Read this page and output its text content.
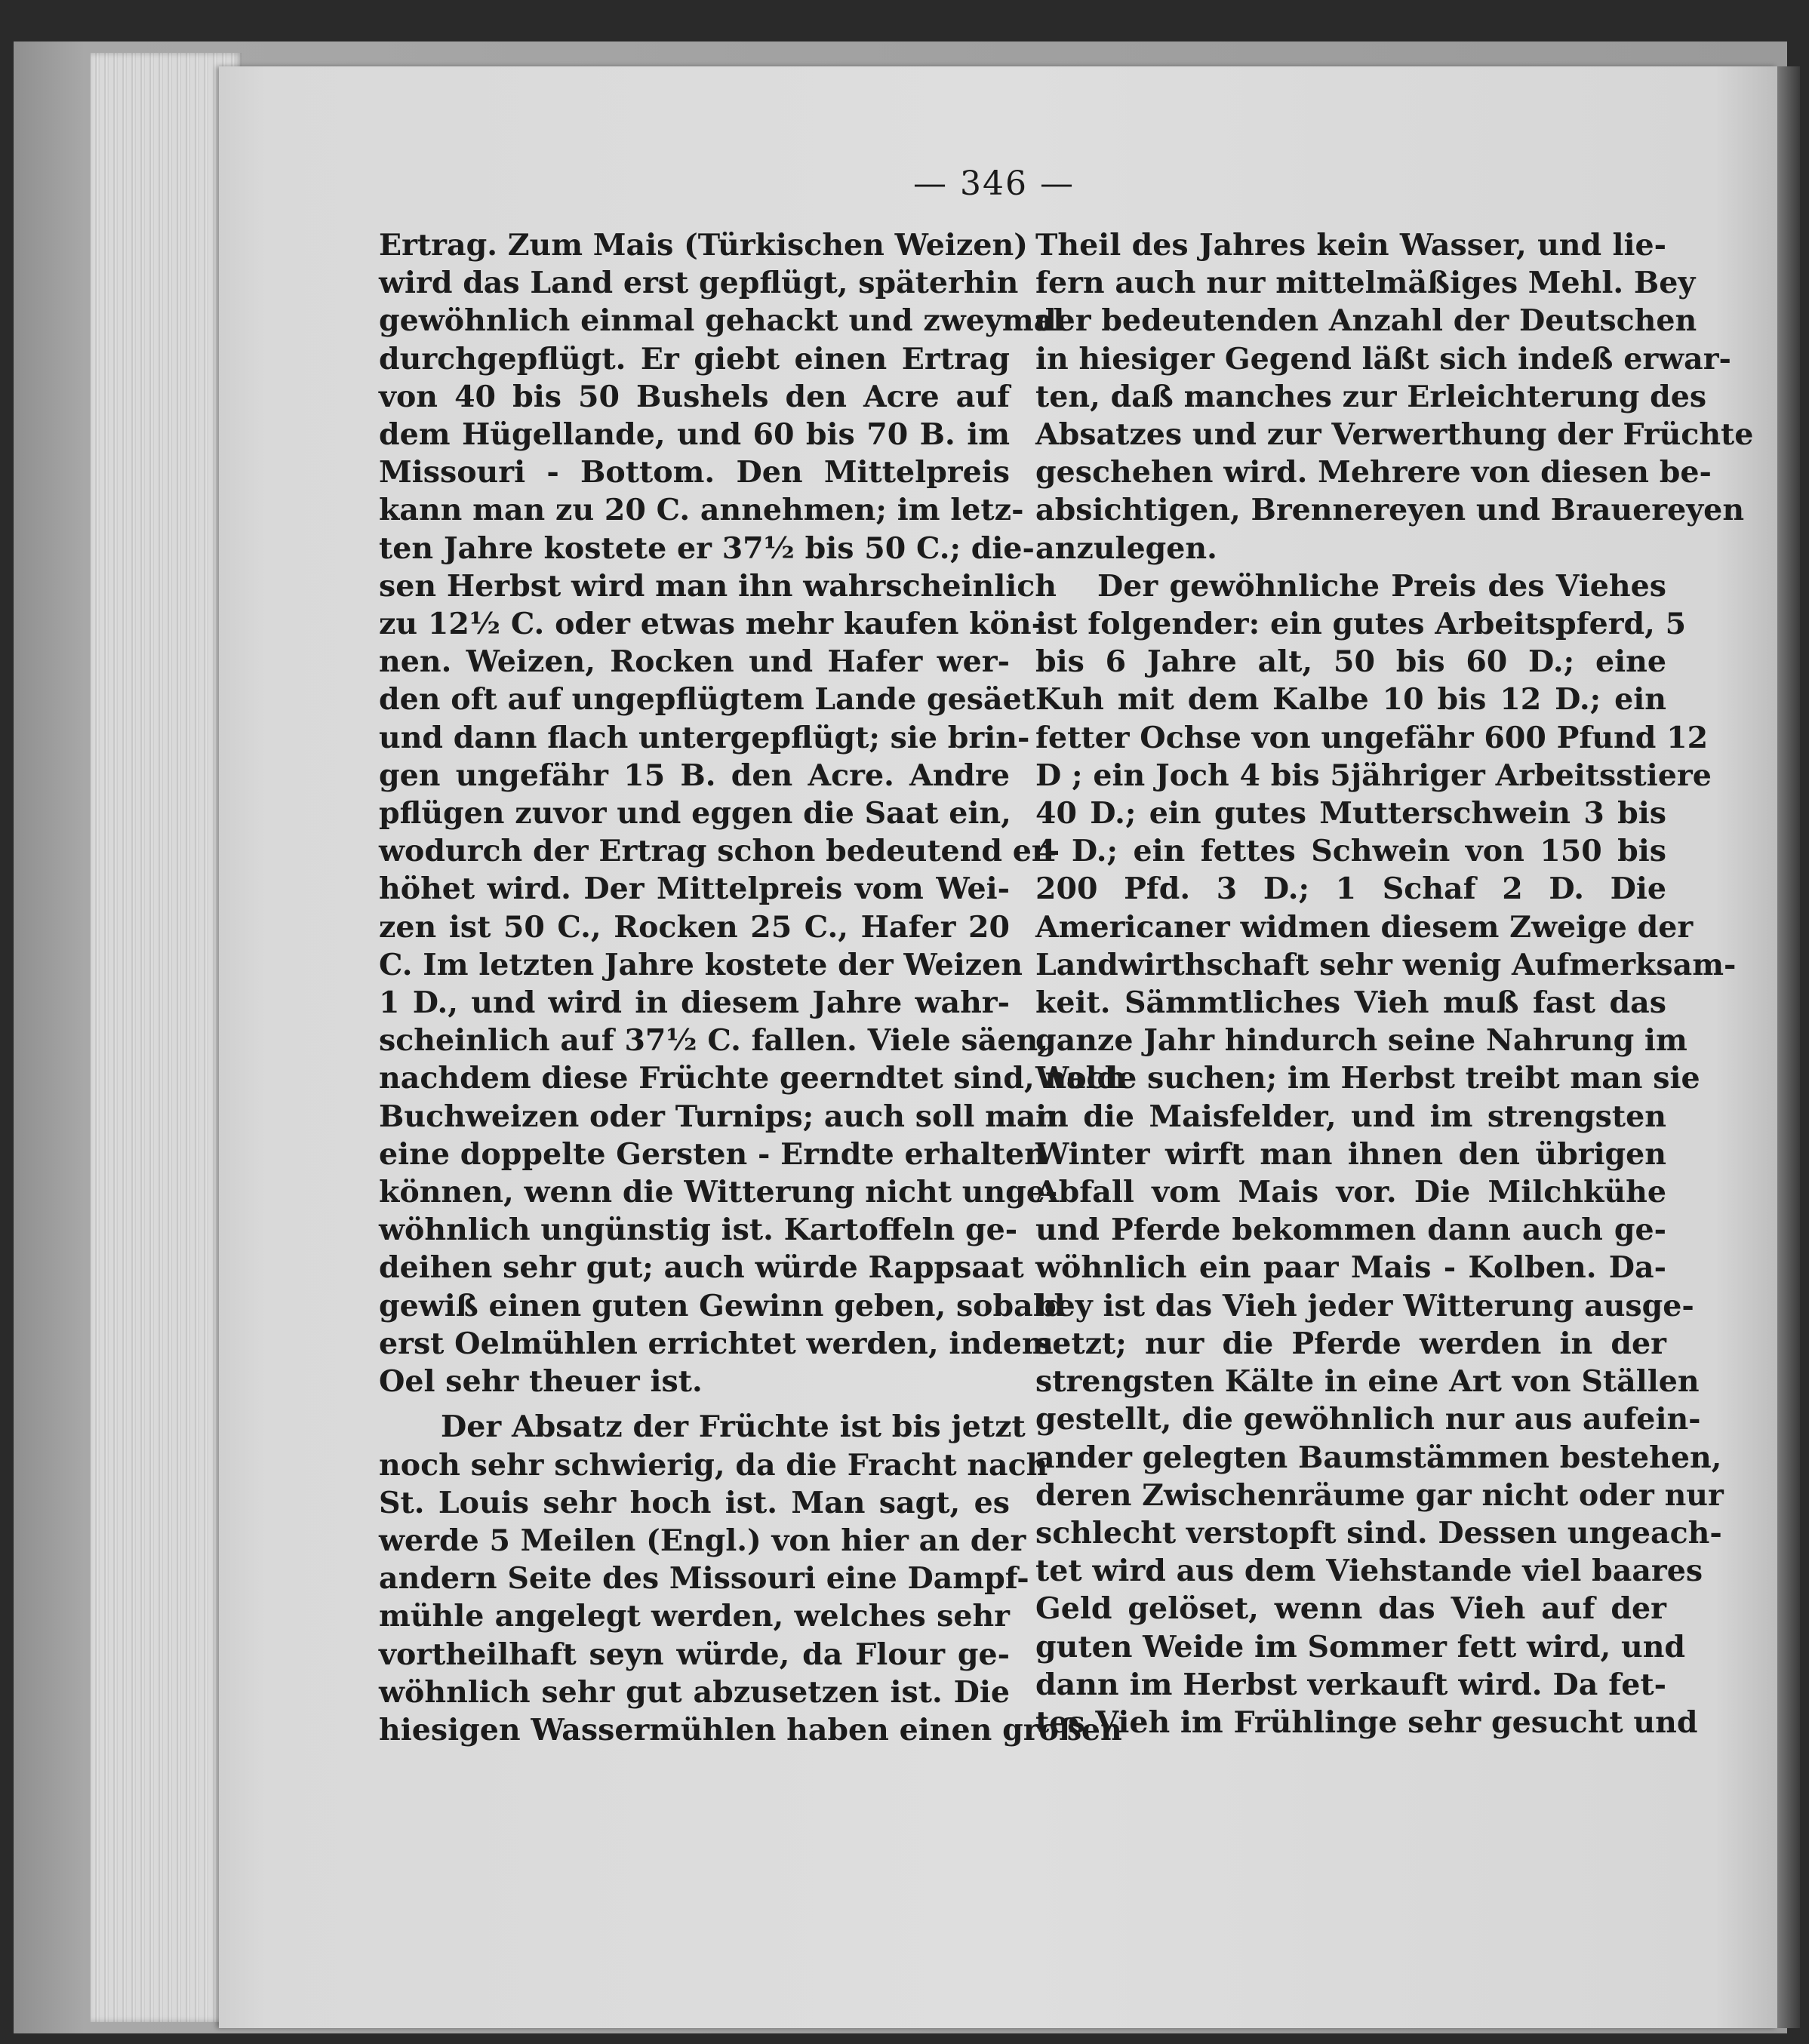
— 346 —
Ertrag. Zum Mais (Türkischen Weizen)
wird das Land erst gepflügt, späterhin
gewöhnlich einmal gehackt und zweymal
durchgepflügt. Er giebt einen Ertrag
von 40 bis 50 Bushels den Acre auf
dem Hügellande, und 60 bis 70 B. im
Missouri - Bottom. Den Mittelpreis
kann man zu 20 C. annehmen; im letz-
ten Jahre kostete er 37½ bis 50 C.; die-
sen Herbst wird man ihn wahrscheinlich
zu 12½ C. oder etwas mehr kaufen kön-
nen. Weizen, Rocken und Hafer wer-
den oft auf ungepflügtem Lande gesäet
und dann flach untergepflügt; sie brin-
gen ungefähr 15 B. den Acre. Andre
pflügen zuvor und eggen die Saat ein,
wodurch der Ertrag schon bedeutend er-
höhet wird. Der Mittelpreis vom Wei-
zen ist 50 C., Rocken 25 C., Hafer 20
C. Im letzten Jahre kostete der Weizen
1 D., und wird in diesem Jahre wahr-
scheinlich auf 37½ C. fallen. Viele säen,
nachdem diese Früchte geerndtet sind, noch
Buchweizen oder Turnips; auch soll man
eine doppelte Gersten - Erndte erhalten
können, wenn die Witterung nicht unge-
wöhnlich ungünstig ist. Kartoffeln ge-
deihen sehr gut; auch würde Rappsaat
gewiß einen guten Gewinn geben, sobald
erst Oelmühlen errichtet werden, indem
Oel sehr theuer ist.
Der Absatz der Früchte ist bis jetzt
noch sehr schwierig, da die Fracht nach
St. Louis sehr hoch ist. Man sagt, es
werde 5 Meilen (Engl.) von hier an der
andern Seite des Missouri eine Dampf-
mühle angelegt werden, welches sehr
vortheilhaft seyn würde, da Flour ge-
wöhnlich sehr gut abzusetzen ist. Die
hiesigen Wassermühlen haben einen großen
Theil des Jahres kein Wasser, und lie-
fern auch nur mittelmäßiges Mehl. Bey
der bedeutenden Anzahl der Deutschen
in hiesiger Gegend läßt sich indeß erwar-
ten, daß manches zur Erleichterung des
Absatzes und zur Verwerthung der Früchte
geschehen wird. Mehrere von diesen be-
absichtigen, Brennereyen und Brauereyen
anzulegen.
Der gewöhnliche Preis des Viehes
ist folgender: ein gutes Arbeitspferd, 5
bis 6 Jahre alt, 50 bis 60 D.; eine
Kuh mit dem Kalbe 10 bis 12 D.; ein
fetter Ochse von ungefähr 600 Pfund 12
D ; ein Joch 4 bis 5jähriger Arbeitsstiere
40 D.; ein gutes Mutterschwein 3 bis
4 D.; ein fettes Schwein von 150 bis
200 Pfd. 3 D.; 1 Schaf 2 D. Die
Americaner widmen diesem Zweige der
Landwirthschaft sehr wenig Aufmerksam-
keit. Sämmtliches Vieh muß fast das
ganze Jahr hindurch seine Nahrung im
Walde suchen; im Herbst treibt man sie
in die Maisfelder, und im strengsten
Winter wirft man ihnen den übrigen
Abfall vom Mais vor. Die Milchkühe
und Pferde bekommen dann auch ge-
wöhnlich ein paar Mais - Kolben. Da-
bey ist das Vieh jeder Witterung ausge-
setzt; nur die Pferde werden in der
strengsten Kälte in eine Art von Ställen
gestellt, die gewöhnlich nur aus aufein-
ander gelegten Baumstämmen bestehen,
deren Zwischenräume gar nicht oder nur
schlecht verstopft sind. Dessen ungeach-
tet wird aus dem Viehstande viel baares
Geld gelöset, wenn das Vieh auf der
guten Weide im Sommer fett wird, und
dann im Herbst verkauft wird. Da fet-
tes Vieh im Frühlinge sehr gesucht und
